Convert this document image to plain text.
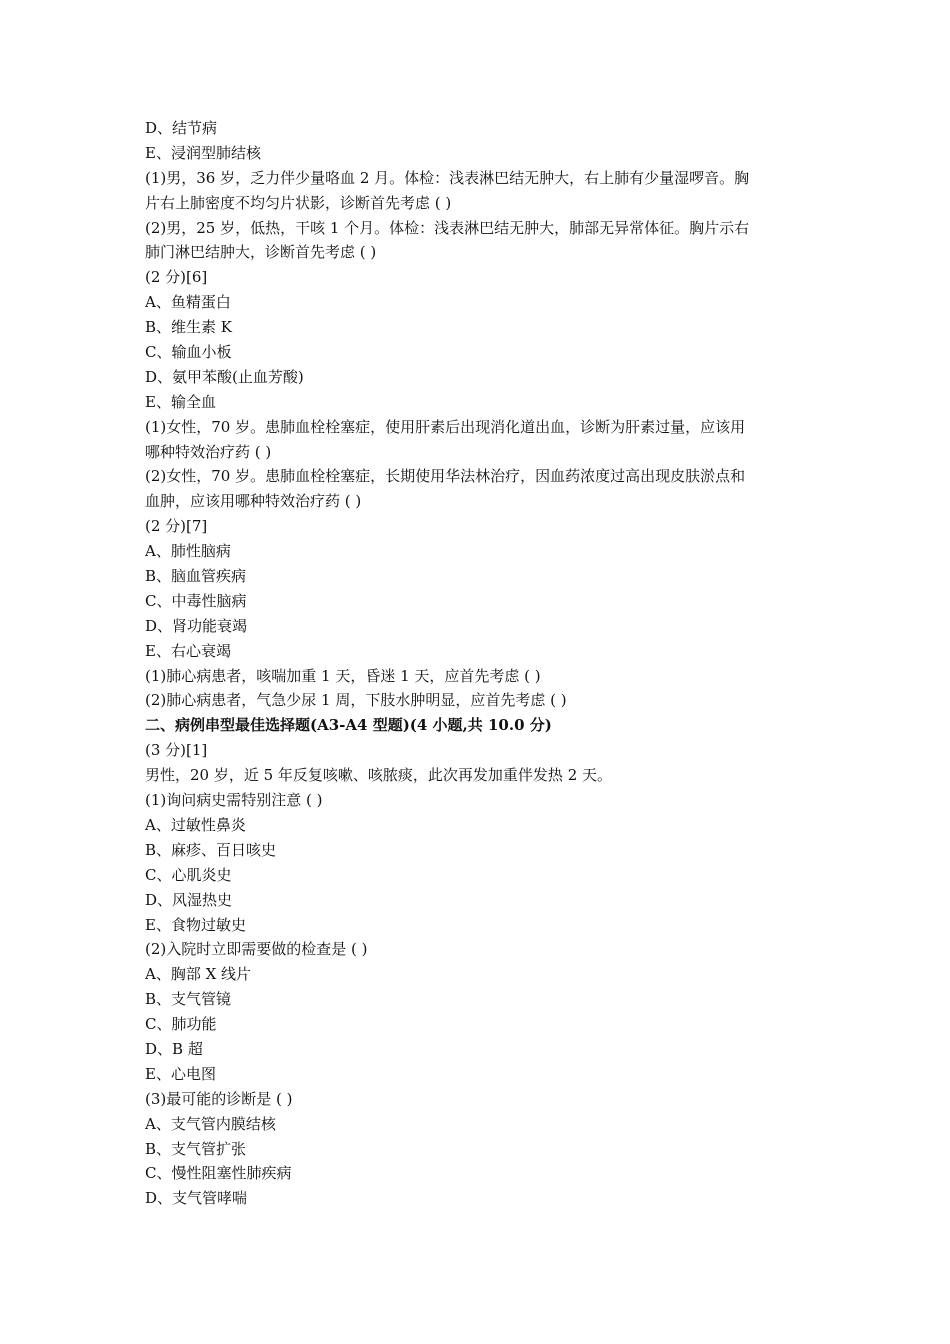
D、结节病
E、浸润型肺结核
(1)男，36 岁，乏力伴少量咯血 2 月。体检：浅表淋巴结无肿大，右上肺有少量湿啰音。胸
片右上肺密度不均匀片状影，诊断首先考虑 ( )
(2)男，25 岁，低热，干咳 1 个月。体检：浅表淋巴结无肿大，肺部无异常体征。胸片示右
肺门淋巴结肿大，诊断首先考虑 ( )
(2 分)[6]
A、鱼精蛋白
B、维生素 K
C、输血小板
D、氨甲苯酸(止血芳酸)
E、输全血
(1)女性，70 岁。患肺血栓栓塞症，使用肝素后出现消化道出血，诊断为肝素过量，应该用
哪种特效治疗药 ( )
(2)女性，70 岁。患肺血栓栓塞症，长期使用华法林治疗，因血药浓度过高出现皮肤淤点和
血肿，应该用哪种特效治疗药 ( )
(2 分)[7]
A、肺性脑病
B、脑血管疾病
C、中毒性脑病
D、肾功能衰竭
E、右心衰竭
(1)肺心病患者，咳喘加重 1 天，昏迷 1 天，应首先考虑 ( )
(2)肺心病患者，气急少尿 1 周，下肢水肿明显，应首先考虑 ( )
二、病例串型最佳选择题(A3-A4 型题)(4 小题,共 10.0 分)
(3 分)[1]
男性，20 岁，近 5 年反复咳嗽、咳脓痰，此次再发加重伴发热 2 天。
(1)询问病史需特别注意 ( )
A、过敏性鼻炎
B、麻疹、百日咳史
C、心肌炎史
D、风湿热史
E、食物过敏史
(2)入院时立即需要做的检查是 ( )
A、胸部 X 线片
B、支气管镜
C、肺功能
D、B 超
E、心电图
(3)最可能的诊断是 ( )
A、支气管内膜结核
B、支气管扩张
C、慢性阻塞性肺疾病
D、支气管哮喘
